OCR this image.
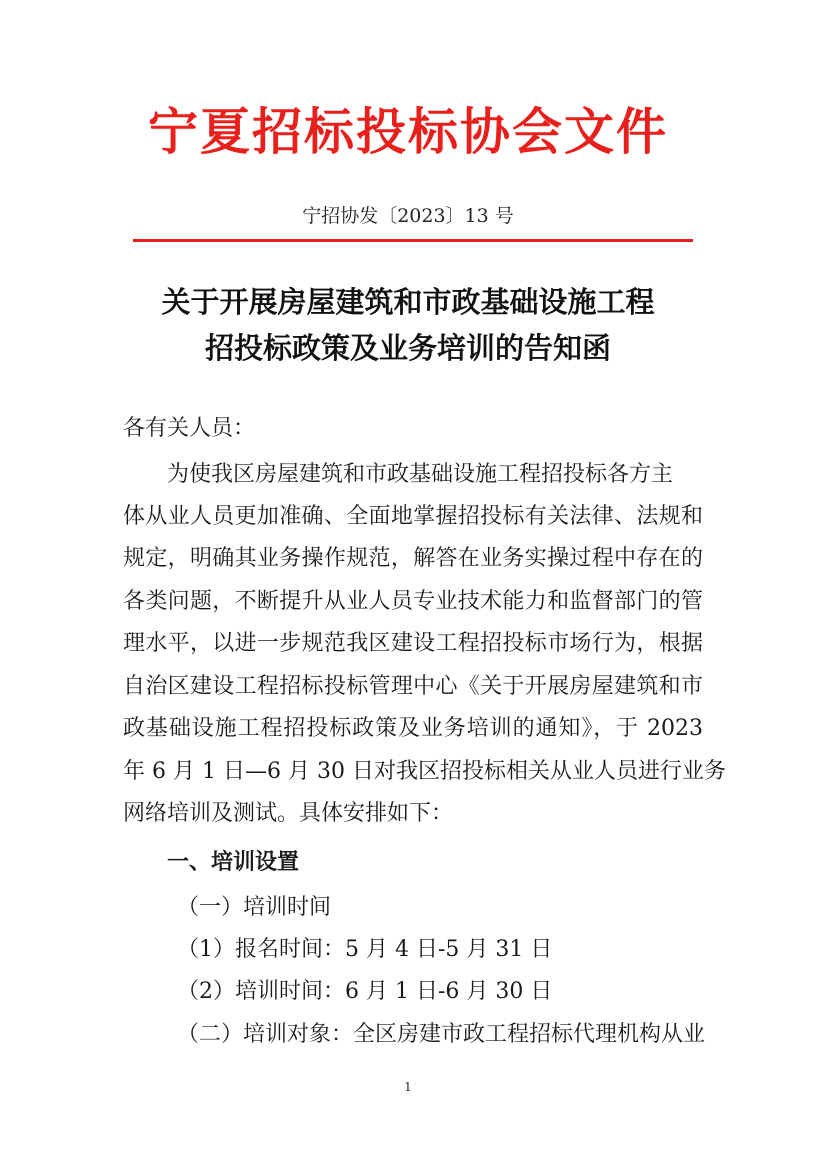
宁夏招标投标协会文件
宁招协发〔2023〕13 号
关于开展房屋建筑和市政基础设施工程
招投标政策及业务培训的告知函
各有关人员：
为使我区房屋建筑和市政基础设施工程招投标各方主
体从业人员更加准确、全面地掌握招投标有关法律、法规和
规定，明确其业务操作规范，解答在业务实操过程中存在的
各类问题，不断提升从业人员专业技术能力和监督部门的管
理水平，以进一步规范我区建设工程招投标市场行为，根据
自治区建设工程招标投标管理中心《关于开展房屋建筑和市
政基础设施工程招投标政策及业务培训的通知》，于 2023
年 6 月 1 日—6 月 30 日对我区招投标相关从业人员进行业务
网络培训及测试。具体安排如下：
一、培训设置
（一）培训时间
（1）报名时间：5 月 4 日-5 月 31 日
（2）培训时间：6 月 1 日-6 月 30 日
（二）培训对象：全区房建市政工程招标代理机构从业
1
